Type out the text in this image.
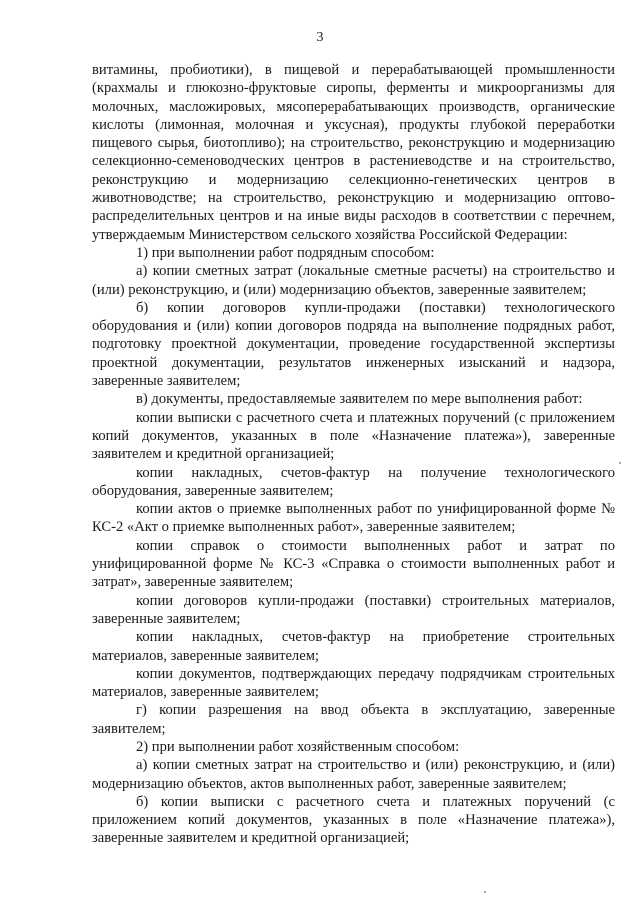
3

витамины, пробиотики), в пищевой и перерабатывающей промышленности (крахмалы и глюкозно-фруктовые сиропы, ферменты и микроорганизмы для молочных, масложировых, мясоперерабатывающих производств, органические кислоты (лимонная, молочная и уксусная), продукты глубокой переработки пищевого сырья, биотопливо); на строительство, реконструкцию и модернизацию селекционно-семеноводческих центров в растениеводстве и на строительство, реконструкцию и модернизацию селекционно-генетических центров в животноводстве; на строительство, реконструкцию и модернизацию оптово-распределительных центров и на иные виды расходов в соответствии с перечнем, утверждаемым Министерством сельского хозяйства Российской Федерации:

1) при выполнении работ подрядным способом:

а) копии сметных затрат (локальные сметные расчеты) на строительство и (или) реконструкцию, и (или) модернизацию объектов, заверенные заявителем;

б) копии договоров купли-продажи (поставки) технологического оборудования и (или) копии договоров подряда на выполнение подрядных работ, подготовку проектной документации, проведение государственной экспертизы проектной документации, результатов инженерных изысканий и надзора, заверенные заявителем;

в) документы, предоставляемые заявителем по мере выполнения работ:

копии выписки с расчетного счета и платежных поручений (с приложением копий документов, указанных в поле «Назначение платежа»), заверенные заявителем и кредитной организацией;

копии накладных, счетов-фактур на получение технологического оборудования, заверенные заявителем;

копии актов о приемке выполненных работ по унифицированной форме № КС-2 «Акт о приемке выполненных работ», заверенные заявителем;

копии справок о стоимости выполненных работ и затрат по унифицированной форме № КС-3 «Справка о стоимости выполненных работ и затрат», заверенные заявителем;

копии договоров купли-продажи (поставки) строительных материалов, заверенные заявителем;

копии накладных, счетов-фактур на приобретение строительных материалов, заверенные заявителем;

копии документов, подтверждающих передачу подрядчикам строительных материалов, заверенные заявителем;

г) копии разрешения на ввод объекта в эксплуатацию, заверенные заявителем;

2) при выполнении работ хозяйственным способом:

а) копии сметных затрат на строительство и (или) реконструкцию, и (или) модернизацию объектов, актов выполненных работ, заверенные заявителем;

б) копии выписки с расчетного счета и платежных поручений (с приложением копий документов, указанных в поле «Назначение платежа»), заверенные заявителем и кредитной организацией;
